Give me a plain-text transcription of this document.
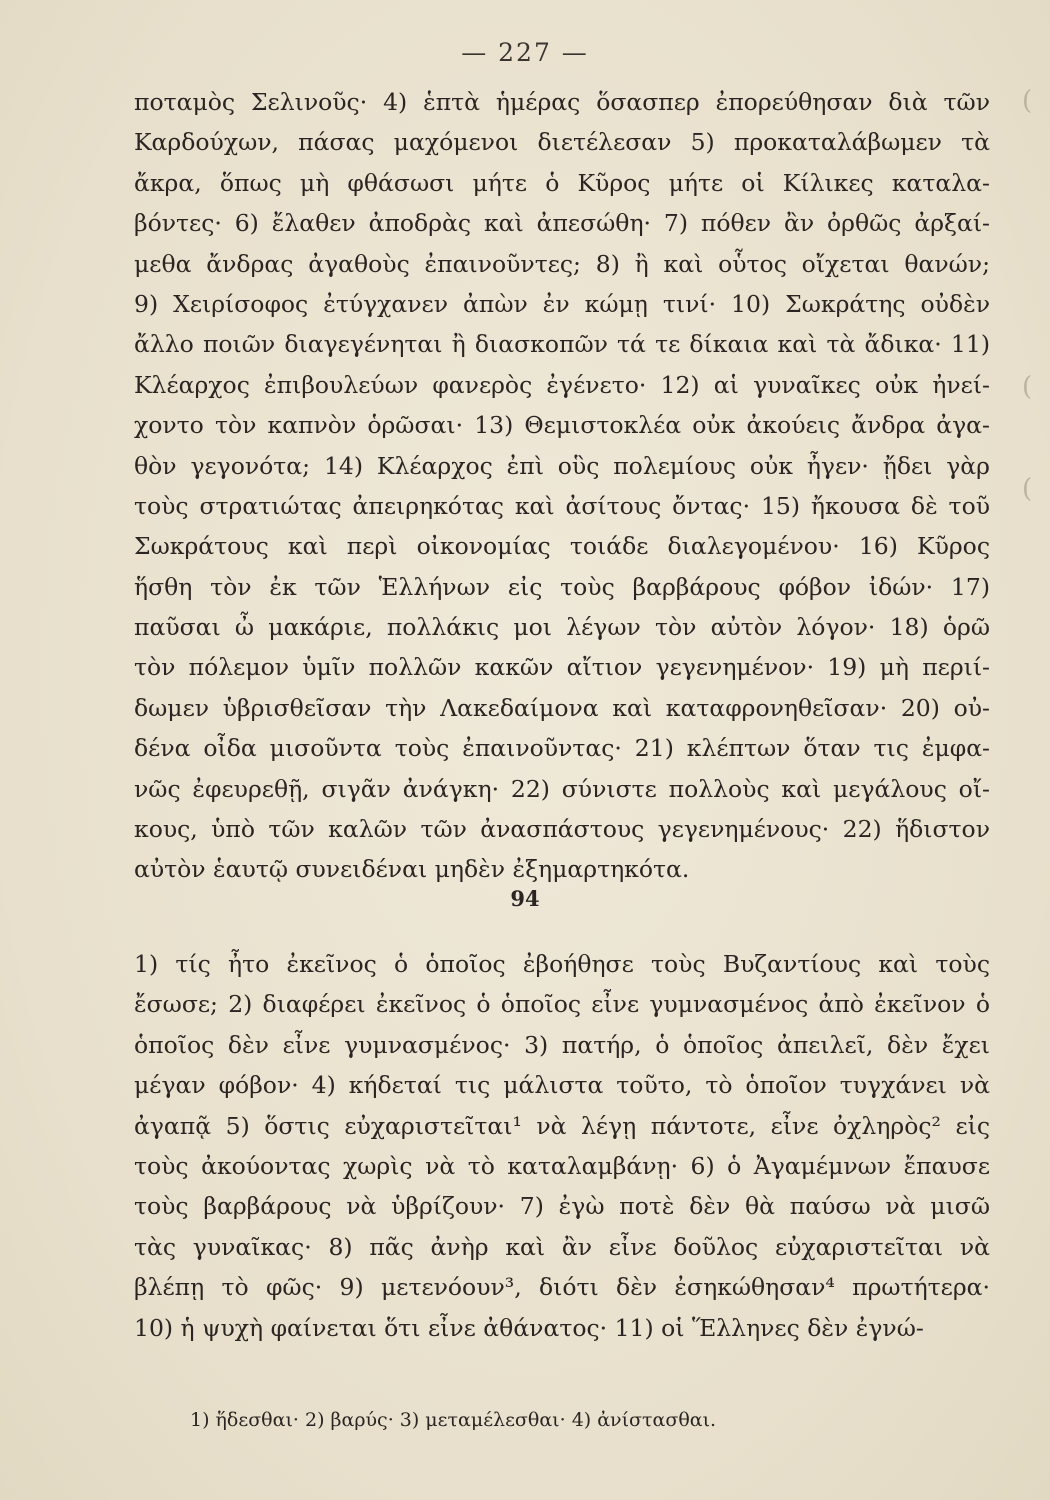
— 227 —
ποταμὸς Σελινοῦς· 4) ἑπτὰ ἡμέρας ὅσασπερ ἐπορεύθησαν διὰ τῶν
Καρδούχων, πάσας μαχόμενοι διετέλεσαν 5) προκαταλάβωμεν τὰ
ἄκρα, ὅπως μὴ φθάσωσι μήτε ὁ Κῦρος μήτε οἱ Κίλικες καταλα-
βόντες· 6) ἔλαθεν ἀποδρὰς καὶ ἀπεσώθη· 7) πόθεν ἂν ὀρθῶς ἀρξαί-
μεθα ἄνδρας ἀγαθοὺς ἐπαινοῦντες; 8) ἢ καὶ οὗτος οἴχεται θανών;
9) Χειρίσοφος ἐτύγχανεν ἀπὼν ἐν κώμῃ τινί· 10) Σωκράτης οὐδὲν
ἄλλο ποιῶν διαγεγένηται ἢ διασκοπῶν τά τε δίκαια καὶ τὰ ἄδικα· 11)
Κλέαρχος ἐπιβουλεύων φανερὸς ἐγένετο· 12) αἱ γυναῖκες οὐκ ἠνεί-
χοντο τὸν καπνὸν ὁρῶσαι· 13) Θεμιστοκλέα οὐκ ἀκούεις ἄνδρα ἀγα-
θὸν γεγονότα; 14) Κλέαρχος ἐπὶ οὓς πολεμίους οὐκ ἦγεν· ᾔδει γὰρ
τοὺς στρατιώτας ἀπειρηκότας καὶ ἀσίτους ὄντας· 15) ἤκουσα δὲ τοῦ
Σωκράτους καὶ περὶ οἰκονομίας τοιάδε διαλεγομένου· 16) Κῦρος
ἥσθη τὸν ἐκ τῶν Ἑλλήνων εἰς τοὺς βαρβάρους φόβον ἰδών· 17)
παῦσαι ὦ μακάριε, πολλάκις μοι λέγων τὸν αὐτὸν λόγον· 18) ὁρῶ
τὸν πόλεμον ὑμῖν πολλῶν κακῶν αἴτιον γεγενημένον· 19) μὴ περιί-
δωμεν ὑβρισθεῖσαν τὴν Λακεδαίμονα καὶ καταφρονηθεῖσαν· 20) οὐ-
δένα οἶδα μισοῦντα τοὺς ἐπαινοῦντας· 21) κλέπτων ὅταν τις ἐμφα-
νῶς ἐφευρεθῇ, σιγᾶν ἀνάγκη· 22) σύνιστε πολλοὺς καὶ μεγάλους οἴ-
κους, ὑπὸ τῶν καλῶν τῶν ἀνασπάστους γεγενημένους· 22) ἥδιστον
αὐτὸν ἑαυτῷ συνειδέναι μηδὲν ἐξημαρτηκότα.
94
1) τίς ἦτο ἐκεῖνος ὁ ὁποῖος ἐβοήθησε τοὺς Βυζαντίους καὶ τοὺς
ἔσωσε; 2) διαφέρει ἐκεῖνος ὁ ὁποῖος εἶνε γυμνασμένος ἀπὸ ἐκεῖνον ὁ
ὁποῖος δὲν εἶνε γυμνασμένος· 3) πατήρ, ὁ ὁποῖος ἀπειλεῖ, δὲν ἔχει
μέγαν φόβον· 4) κήδεταί τις μάλιστα τοῦτο, τὸ ὁποῖον τυγχάνει νὰ
ἀγαπᾷ 5) ὅστις εὐχαριστεῖται¹ νὰ λέγῃ πάντοτε, εἶνε ὀχληρὸς² εἰς
τοὺς ἀκούοντας χωρὶς νὰ τὸ καταλαμβάνῃ· 6) ὁ Ἀγαμέμνων ἔπαυσε
τοὺς βαρβάρους νὰ ὑβρίζουν· 7) ἐγὼ ποτὲ δὲν θὰ παύσω νὰ μισῶ
τὰς γυναῖκας· 8) πᾶς ἀνὴρ καὶ ἂν εἶνε δοῦλος εὐχαριστεῖται νὰ
βλέπῃ τὸ φῶς· 9) μετενόουν³, διότι δὲν ἐσηκώθησαν⁴ πρωτήτερα·
10) ἡ ψυχὴ φαίνεται ὅτι εἶνε ἀθάνατος· 11) οἱ Ἕλληνες δὲν ἐγνώ-
1) ἥδεσθαι· 2) βαρύς· 3) μεταμέλεσθαι· 4) ἀνίστασθαι.
(
(
(
